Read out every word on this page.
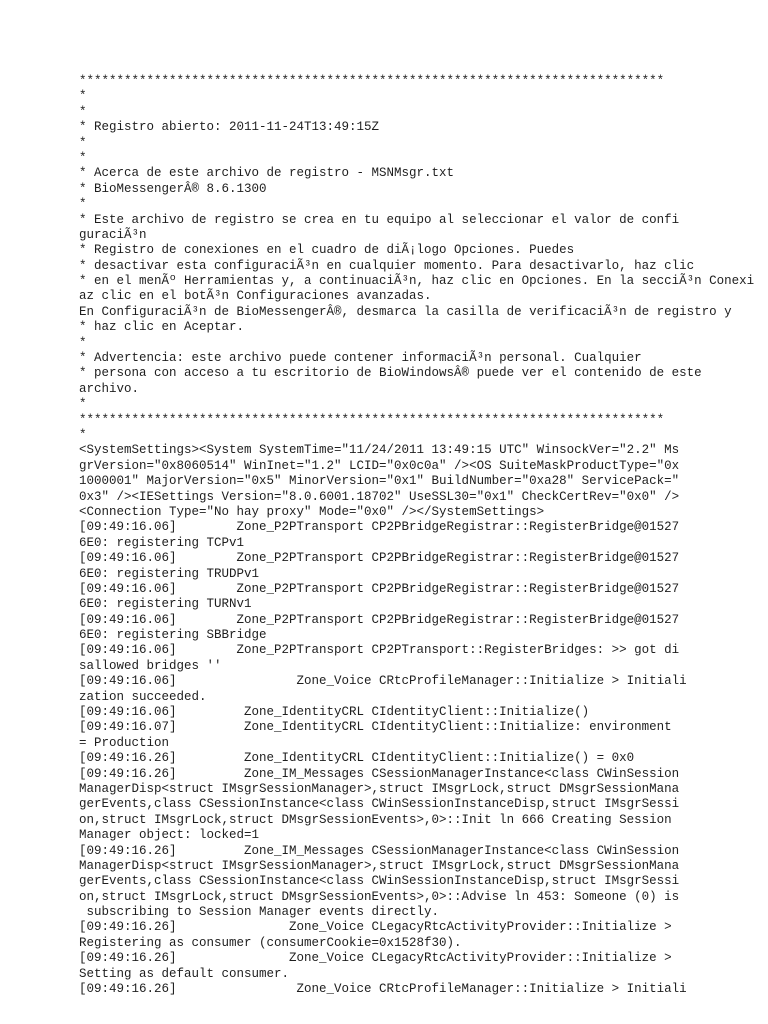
******************************************************************************
*
*
* Registro abierto: 2011-11-24T13:49:15Z
*
*
* Acerca de este archivo de registro - MSNMsgr.txt
* BioMessengerÂ® 8.6.1300
*
* Este archivo de registro se crea en tu equipo al seleccionar el valor de confi
guraciÃ³n
* Registro de conexiones en el cuadro de diÃ¡logo Opciones. Puedes
* desactivar esta configuraciÃ³n en cualquier momento. Para desactivarlo, haz clic
* en el menÃº Herramientas y, a continuaciÃ³n, haz clic en Opciones. En la secciÃ³n Conexi
az clic en el botÃ³n Configuraciones avanzadas.
En ConfiguraciÃ³n de BioMessengerÂ®, desmarca la casilla de verificaciÃ³n de registro y
* haz clic en Aceptar.
*
* Advertencia: este archivo puede contener informaciÃ³n personal. Cualquier
* persona con acceso a tu escritorio de BioWindowsÂ® puede ver el contenido de este
archivo.
*
******************************************************************************
*
<SystemSettings><System SystemTime="11/24/2011 13:49:15 UTC" WinsockVer="2.2" Ms
grVersion="0x8060514" WinInet="1.2" LCID="0x0c0a" /><OS SuiteMaskProductType="0x
1000001" MajorVersion="0x5" MinorVersion="0x1" BuildNumber="0xa28" ServicePack="
0x3" /><IESettings Version="8.0.6001.18702" UseSSL30="0x1" CheckCertRev="0x0" />
<Connection Type="No hay proxy" Mode="0x0" /></SystemSettings>
[09:49:16.06]        Zone_P2PTransport CP2PBridgeRegistrar::RegisterBridge@01527
6E0: registering TCPv1
[09:49:16.06]        Zone_P2PTransport CP2PBridgeRegistrar::RegisterBridge@01527
6E0: registering TRUDPv1
[09:49:16.06]        Zone_P2PTransport CP2PBridgeRegistrar::RegisterBridge@01527
6E0: registering TURNv1
[09:49:16.06]        Zone_P2PTransport CP2PBridgeRegistrar::RegisterBridge@01527
6E0: registering SBBridge
[09:49:16.06]        Zone_P2PTransport CP2PTransport::RegisterBridges: >> got di
sallowed bridges ''
[09:49:16.06]                Zone_Voice CRtcProfileManager::Initialize > Initiali
zation succeeded.
[09:49:16.06]         Zone_IdentityCRL CIdentityClient::Initialize()
[09:49:16.07]         Zone_IdentityCRL CIdentityClient::Initialize: environment
= Production
[09:49:16.26]         Zone_IdentityCRL CIdentityClient::Initialize() = 0x0
[09:49:16.26]         Zone_IM_Messages CSessionManagerInstance<class CWinSession
ManagerDisp<struct IMsgrSessionManager>,struct IMsgrLock,struct DMsgrSessionMana
gerEvents,class CSessionInstance<class CWinSessionInstanceDisp,struct IMsgrSessi
on,struct IMsgrLock,struct DMsgrSessionEvents>,0>::Init ln 666 Creating Session
Manager object: locked=1
[09:49:16.26]         Zone_IM_Messages CSessionManagerInstance<class CWinSession
ManagerDisp<struct IMsgrSessionManager>,struct IMsgrLock,struct DMsgrSessionMana
gerEvents,class CSessionInstance<class CWinSessionInstanceDisp,struct IMsgrSessi
on,struct IMsgrLock,struct DMsgrSessionEvents>,0>::Advise ln 453: Someone (0) is
subscribing to Session Manager events directly.
[09:49:16.26]               Zone_Voice CLegacyRtcActivityProvider::Initialize >
Registering as consumer (consumerCookie=0x1528f30).
[09:49:16.26]               Zone_Voice CLegacyRtcActivityProvider::Initialize >
Setting as default consumer.
[09:49:16.26]                Zone_Voice CRtcProfileManager::Initialize > Initiali
